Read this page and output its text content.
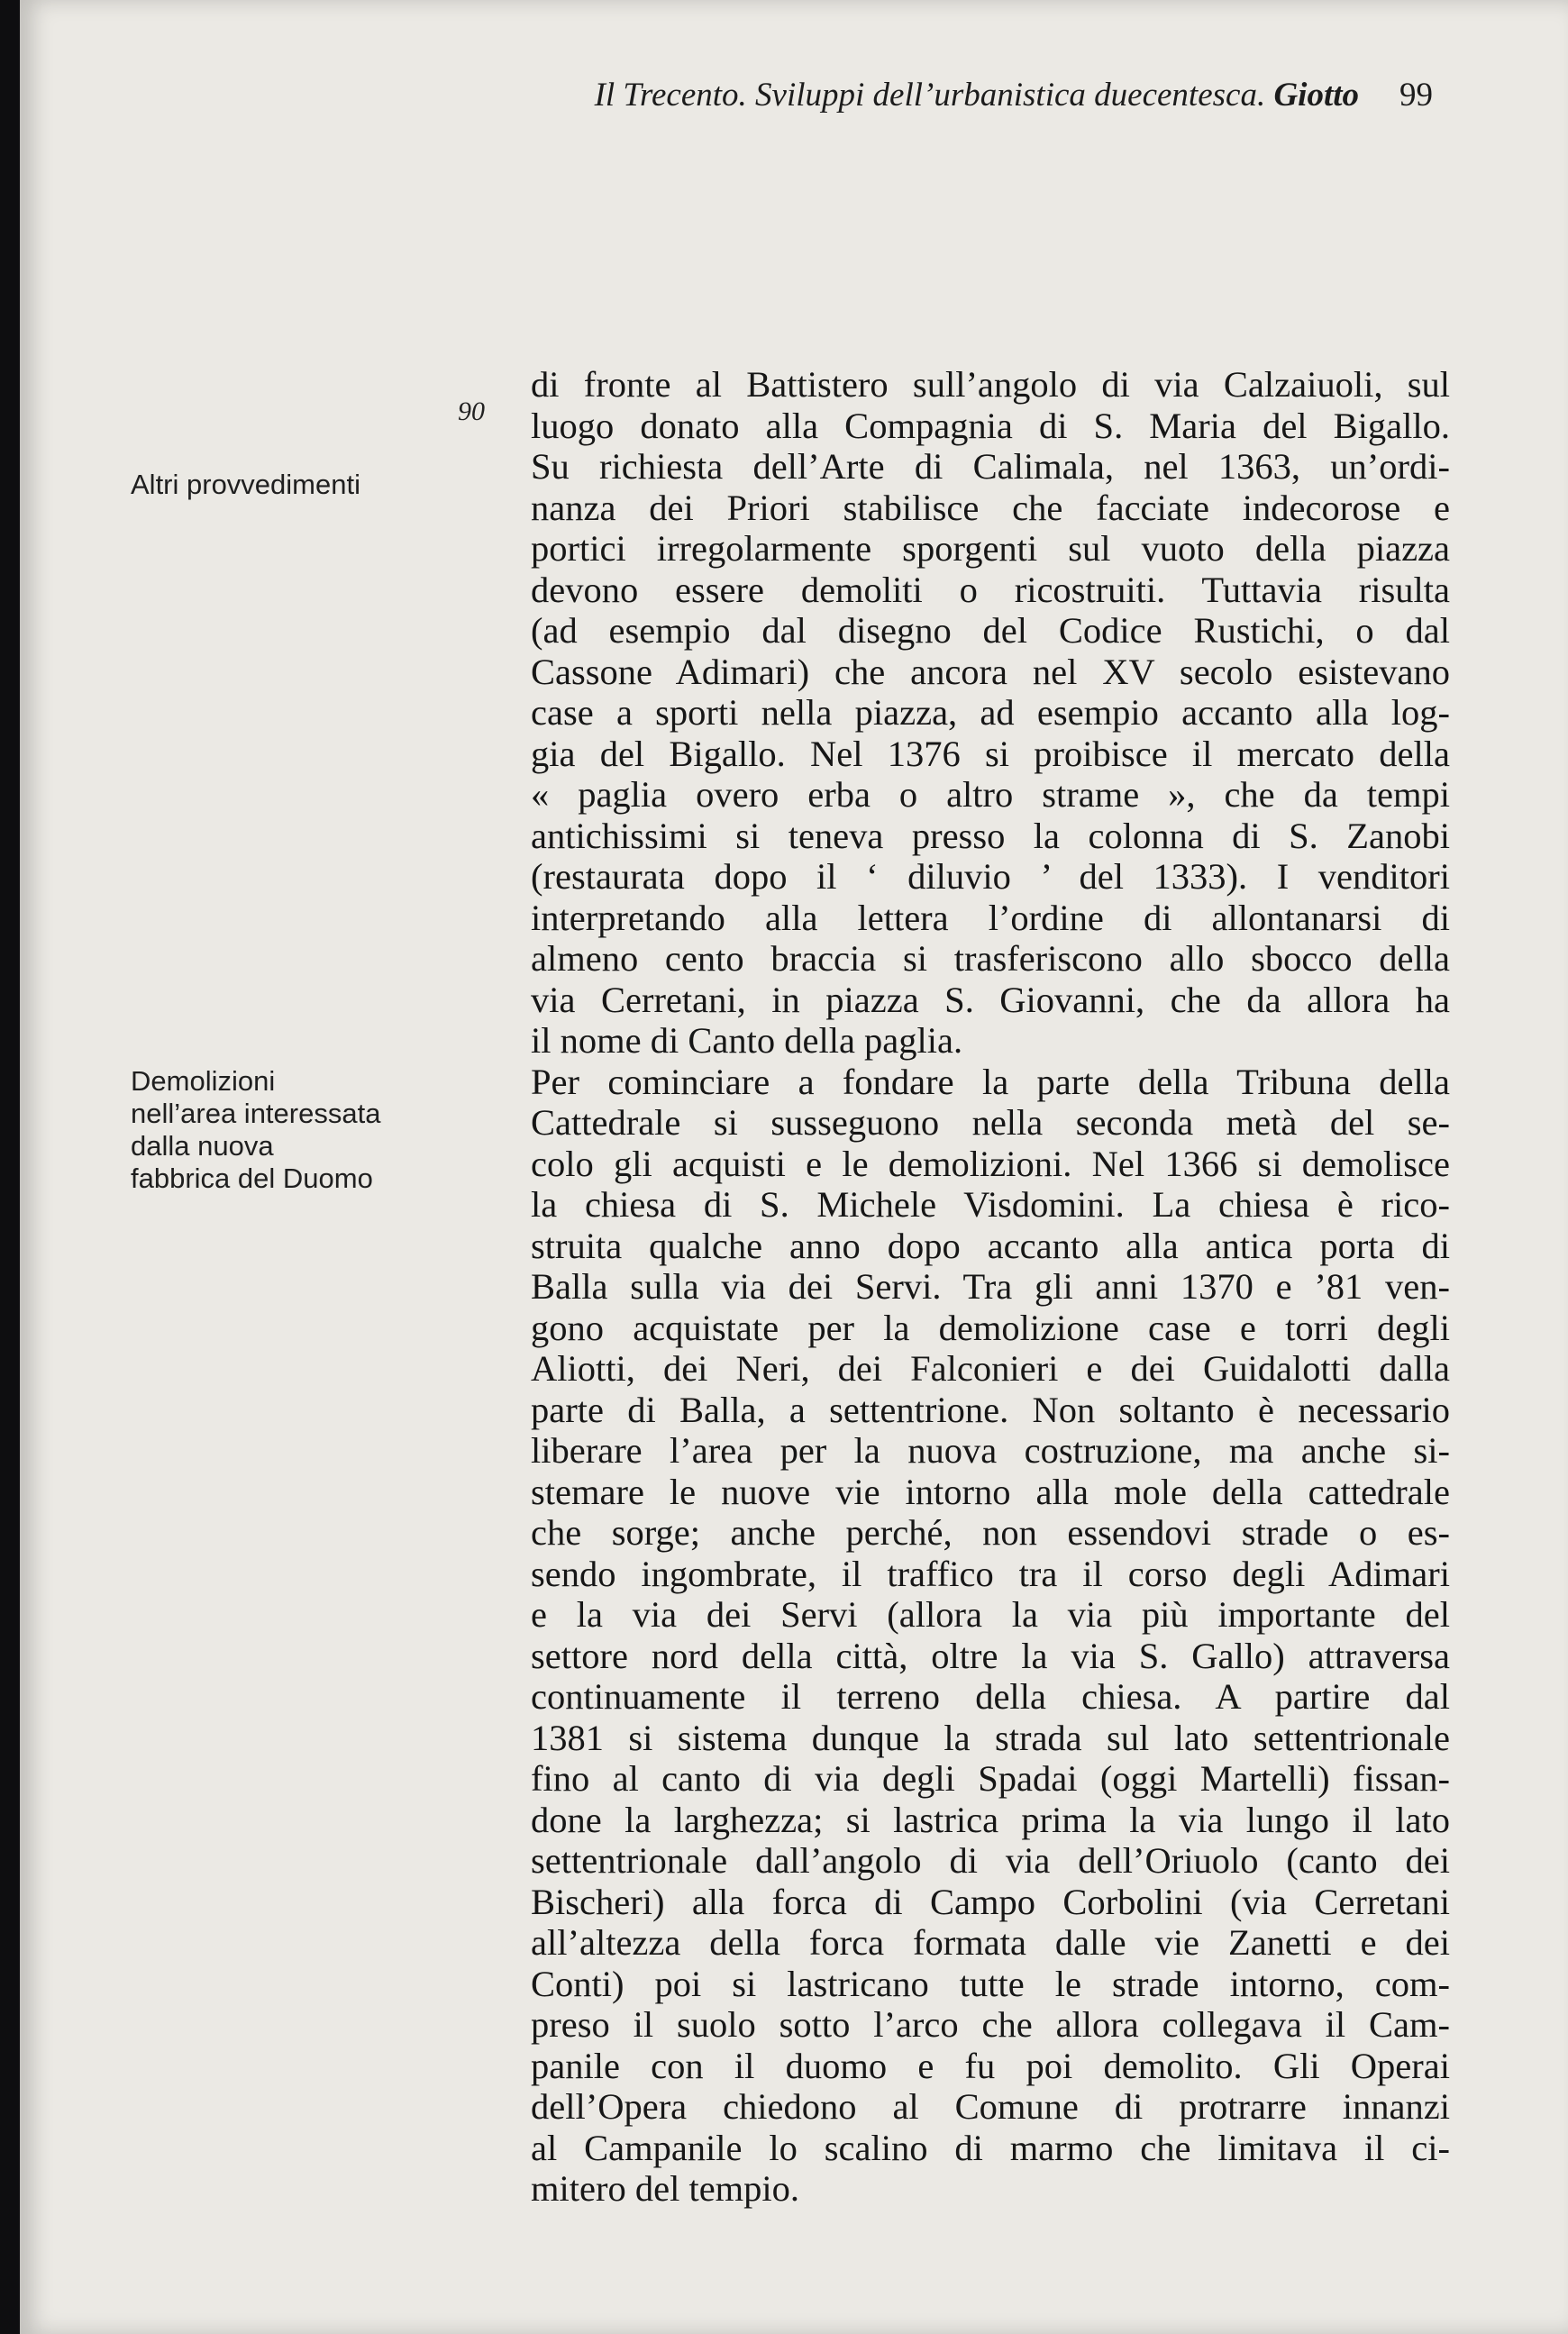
Il Trecento. Sviluppi dell’urbanistica duecentesca. Giotto 99
90
Altri provvedimenti
Demolizioni
nell’area interessata
dalla nuova
fabbrica del Duomo
di fronte al Battistero sull’angolo di via Calzaiuoli, sul
luogo donato alla Compagnia di S. Maria del Bigallo.
Su richiesta dell’Arte di Calimala, nel 1363, un’ordi-
nanza dei Priori stabilisce che facciate indecorose e
portici irregolarmente sporgenti sul vuoto della piazza
devono essere demoliti o ricostruiti. Tuttavia risulta
(ad esempio dal disegno del Codice Rustichi, o dal
Cassone Adimari) che ancora nel XV secolo esistevano
case a sporti nella piazza, ad esempio accanto alla log-
gia del Bigallo. Nel 1376 si proibisce il mercato della
« paglia overo erba o altro strame », che da tempi
antichissimi si teneva presso la colonna di S. Zanobi
(restaurata dopo il ‘ diluvio ’ del 1333). I venditori
interpretando alla lettera l’ordine di allontanarsi di
almeno cento braccia si trasferiscono allo sbocco della
via Cerretani, in piazza S. Giovanni, che da allora ha
il nome di Canto della paglia.
Per cominciare a fondare la parte della Tribuna della
Cattedrale si susseguono nella seconda metà del se-
colo gli acquisti e le demolizioni. Nel 1366 si demolisce
la chiesa di S. Michele Visdomini. La chiesa è rico-
struita qualche anno dopo accanto alla antica porta di
Balla sulla via dei Servi. Tra gli anni 1370 e ’81 ven-
gono acquistate per la demolizione case e torri degli
Aliotti, dei Neri, dei Falconieri e dei Guidalotti dalla
parte di Balla, a settentrione. Non soltanto è necessario
liberare l’area per la nuova costruzione, ma anche si-
stemare le nuove vie intorno alla mole della cattedrale
che sorge; anche perché, non essendovi strade o es-
sendo ingombrate, il traffico tra il corso degli Adimari
e la via dei Servi (allora la via più importante del
settore nord della città, oltre la via S. Gallo) attraversa
continuamente il terreno della chiesa. A partire dal
1381 si sistema dunque la strada sul lato settentrionale
fino al canto di via degli Spadai (oggi Martelli) fissan-
done la larghezza; si lastrica prima la via lungo il lato
settentrionale dall’angolo di via dell’Oriuolo (canto dei
Bischeri) alla forca di Campo Corbolini (via Cerretani
all’altezza della forca formata dalle vie Zanetti e dei
Conti) poi si lastricano tutte le strade intorno, com-
preso il suolo sotto l’arco che allora collegava il Cam-
panile con il duomo e fu poi demolito. Gli Operai
dell’Opera chiedono al Comune di protrarre innanzi
al Campanile lo scalino di marmo che limitava il ci-
mitero del tempio.
